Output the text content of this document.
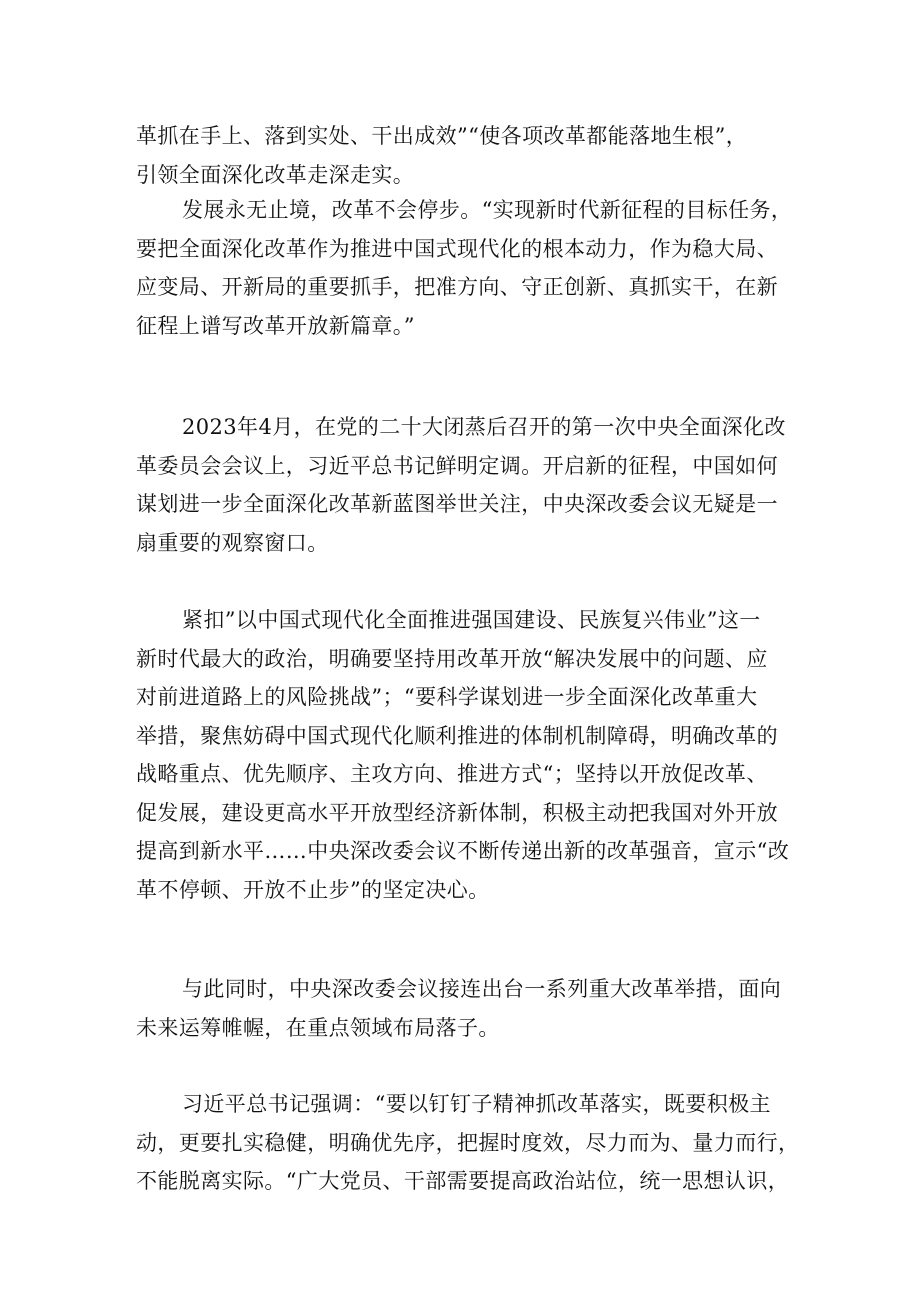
革抓在手上、落到实处、干出成效”“使各项改革都能落地生根”，
引领全面深化改革走深走实。
发展永无止境，改革不会停步。“实现新时代新征程的目标任务，
要把全面深化改革作为推进中国式现代化的根本动力，作为稳大局、
应变局、开新局的重要抓手，把准方向、守正创新、真抓实干，在新
征程上谱写改革开放新篇章。”
2023年4月，在党的二十大闭蒸后召开的第一次中央全面深化改
革委员会会议上，习近平总书记鲜明定调。开启新的征程，中国如何
谋划进一步全面深化改革新蓝图举世关注，中央深改委会议无疑是一
扇重要的观察窗口。
紧扣”以中国式现代化全面推进强国建设、民族复兴伟业”这一
新时代最大的政治，明确要坚持用改革开放“解决发展中的问题、应
对前进道路上的风险挑战”；“要科学谋划进一步全面深化改革重大
举措，聚焦妨碍中国式现代化顺利推进的体制机制障碍，明确改革的
战略重点、优先顺序、主攻方向、推进方式“；坚持以开放促改革、
促发展，建设更高水平开放型经济新体制，积极主动把我国对外开放
提高到新水平……中央深改委会议不断传递出新的改革强音，宣示“改
革不停顿、开放不止步”的坚定决心。
与此同时，中央深改委会议接连出台一系列重大改革举措，面向
未来运筹帷幄，在重点领域布局落子。
习近平总书记强调：“要以钉钉子精神抓改革落实，既要积极主
动，更要扎实稳健，明确优先序，把握时度效，尽力而为、量力而行，
不能脱离实际。“广大党员、干部需要提高政治站位，统一思想认识，
